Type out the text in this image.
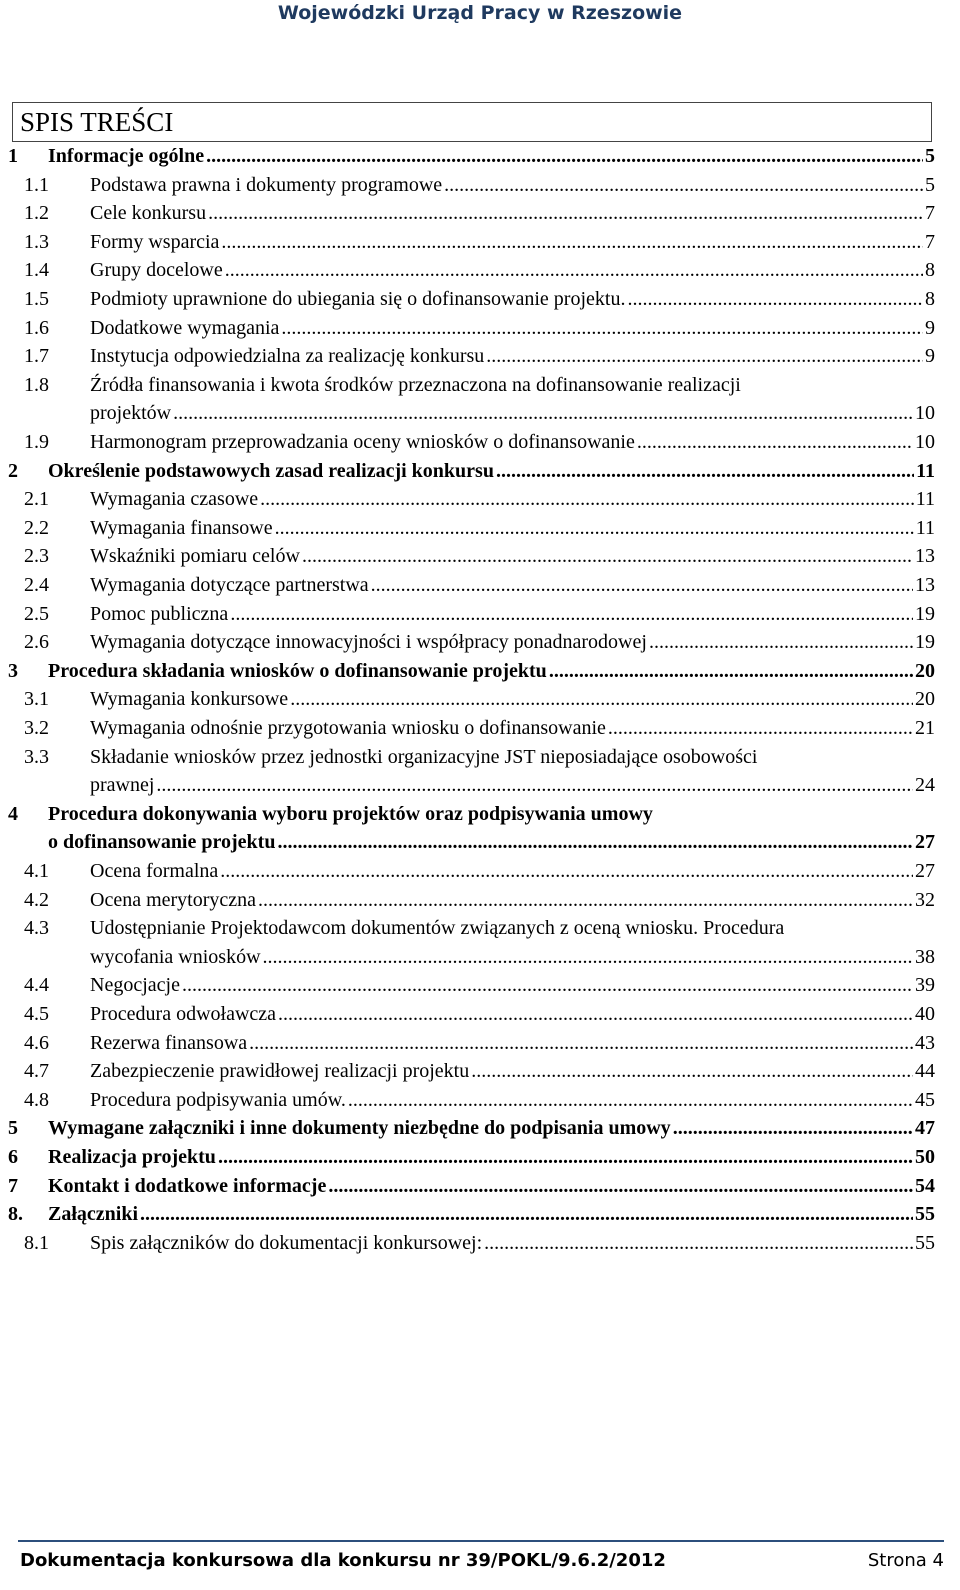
Wojewódzki Urząd Pracy w Rzeszowie
SPIS TREŚCI
1 Informacje ogólne .....	5
1.1 Podstawa prawna i dokumenty programowe .....	5
1.2 Cele konkursu .....	7
1.3 Formy wsparcia .....	7
1.4 Grupy docelowe .....	8
1.5 Podmioty uprawnione do ubiegania się o dofinansowanie projektu. .....	8
1.6 Dodatkowe wymagania .....	9
1.7 Instytucja odpowiedzialna za realizację konkursu .....	9
1.8 Źródła finansowania i kwota środków przeznaczona na dofinansowanie realizacji
projektów .....	10
1.9 Harmonogram przeprowadzania oceny wniosków o dofinansowanie .....	10
2 Określenie podstawowych zasad realizacji konkursu .....	11
2.1 Wymagania czasowe .....	11
2.2 Wymagania finansowe .....	11
2.3 Wskaźniki pomiaru celów .....	13
2.4 Wymagania dotyczące partnerstwa .....	13
2.5 Pomoc publiczna .....	19
2.6 Wymagania dotyczące innowacyjności i współpracy ponadnarodowej .....	19
3 Procedura składania wniosków o dofinansowanie projektu .....	20
3.1 Wymagania konkursowe .....	20
3.2 Wymagania odnośnie przygotowania wniosku o dofinansowanie .....	21
3.3 Składanie wniosków przez jednostki organizacyjne JST nieposiadające osobowości
prawnej .....	24
4 Procedura dokonywania wyboru projektów oraz podpisywania umowy
o dofinansowanie projektu .....	27
4.1 Ocena formalna .....	27
4.2 Ocena merytoryczna .....	32
4.3 Udostępnianie Projektodawcom dokumentów związanych z oceną wniosku. Procedura
wycofania wniosków .....	38
4.4 Negocjacje .....	39
4.5 Procedura odwoławcza .....	40
4.6 Rezerwa finansowa .....	43
4.7 Zabezpieczenie prawidłowej realizacji projektu .....	44
4.8 Procedura podpisywania umów. .....	45
5 Wymagane załączniki i inne dokumenty niezbędne do podpisania umowy .....	47
6 Realizacja projektu .....	50
7 Kontakt i dodatkowe informacje .....	54
8. Załączniki .....	55
8.1 Spis załączników do dokumentacji konkursowej: .....	55
Dokumentacja konkursowa dla konkursu nr 39/POKL/9.6.2/2012	Strona 4
